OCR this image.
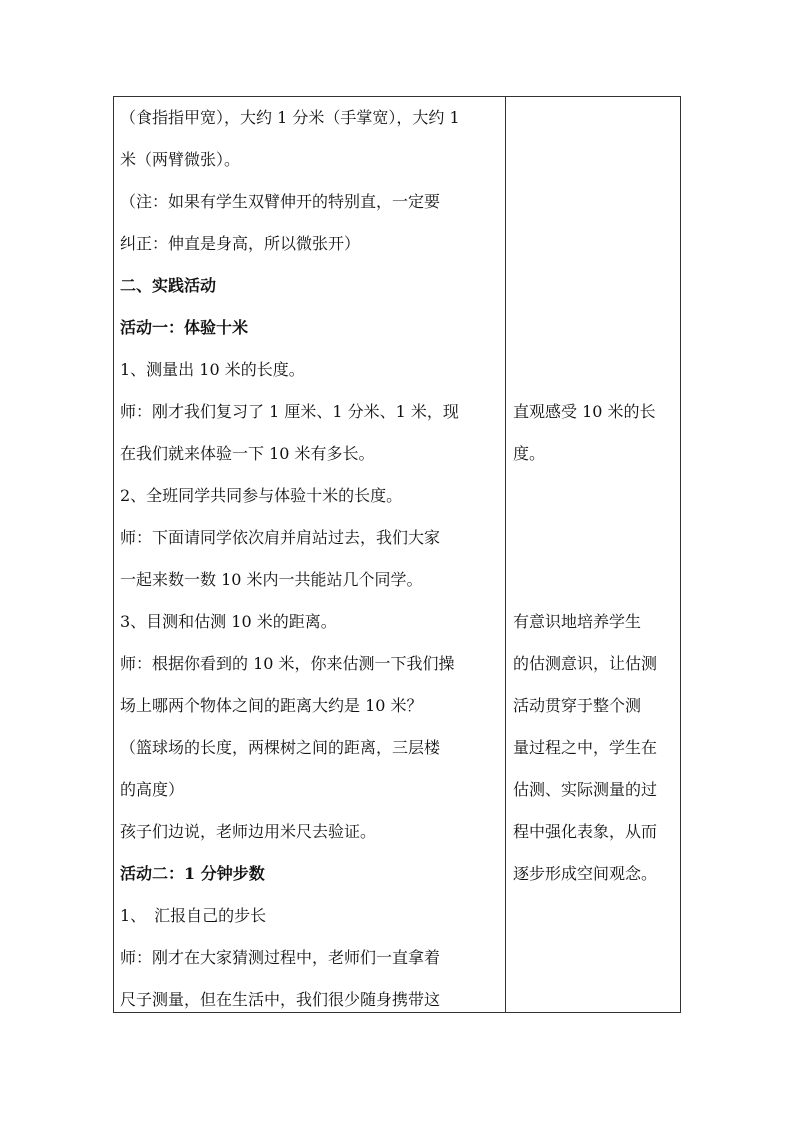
（食指指甲宽），大约 1 分米（手掌宽），大约 1
米（两臂微张）。
（注：如果有学生双臂伸开的特别直，一定要
纠正：伸直是身高，所以微张开）
二、实践活动
活动一：体验十米
1、测量出 10 米的长度。
师：刚才我们复习了 1 厘米、1 分米、1 米，现
在我们就来体验一下 10 米有多长。
2、全班同学共同参与体验十米的长度。
师：下面请同学依次肩并肩站过去，我们大家
一起来数一数 10 米内一共能站几个同学。
3、目测和估测 10 米的距离。
师：根据你看到的 10 米，你来估测一下我们操
场上哪两个物体之间的距离大约是 10 米？
（篮球场的长度，两棵树之间的距离，三层楼
的高度）
孩子们边说，老师边用米尺去验证。
活动二：1 分钟步数
1、　汇报自己的步长
师：刚才在大家猜测过程中，老师们一直拿着
尺子测量，但在生活中，我们很少随身携带这
直观感受 10 米的长
度。
有意识地培养学生
的估测意识，让估测
活动贯穿于整个测
量过程之中，学生在
估测、实际测量的过
程中强化表象，从而
逐步形成空间观念。
